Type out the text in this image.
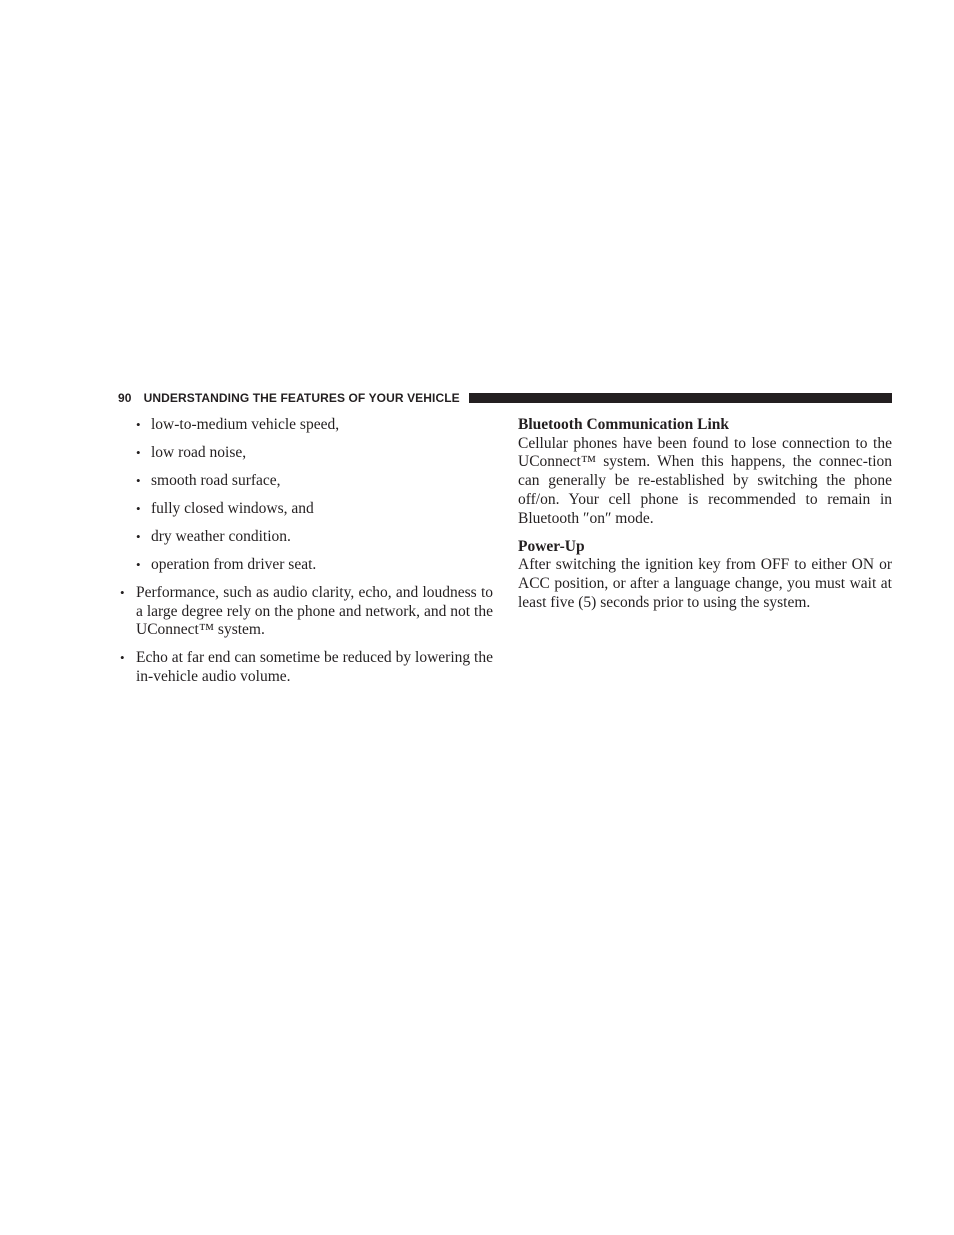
90 UNDERSTANDING THE FEATURES OF YOUR VEHICLE
• low-to-medium vehicle speed,
• low road noise,
• smooth road surface,
• fully closed windows, and
• dry weather condition.
• operation from driver seat.
• Performance, such as audio clarity, echo, and loudness to a large degree rely on the phone and network, and not the UConnect™ system.
• Echo at far end can sometime be reduced by lowering the in-vehicle audio volume.
Bluetooth Communication Link

Cellular phones have been found to lose connection to the UConnect™ system. When this happens, the connec-tion can generally be re-established by switching the phone off/on. Your cell phone is recommended to remain in Bluetooth ″on″ mode.

Power-Up

After switching the ignition key from OFF to either ON or ACC position, or after a language change, you must wait at least five (5) seconds prior to using the system.
